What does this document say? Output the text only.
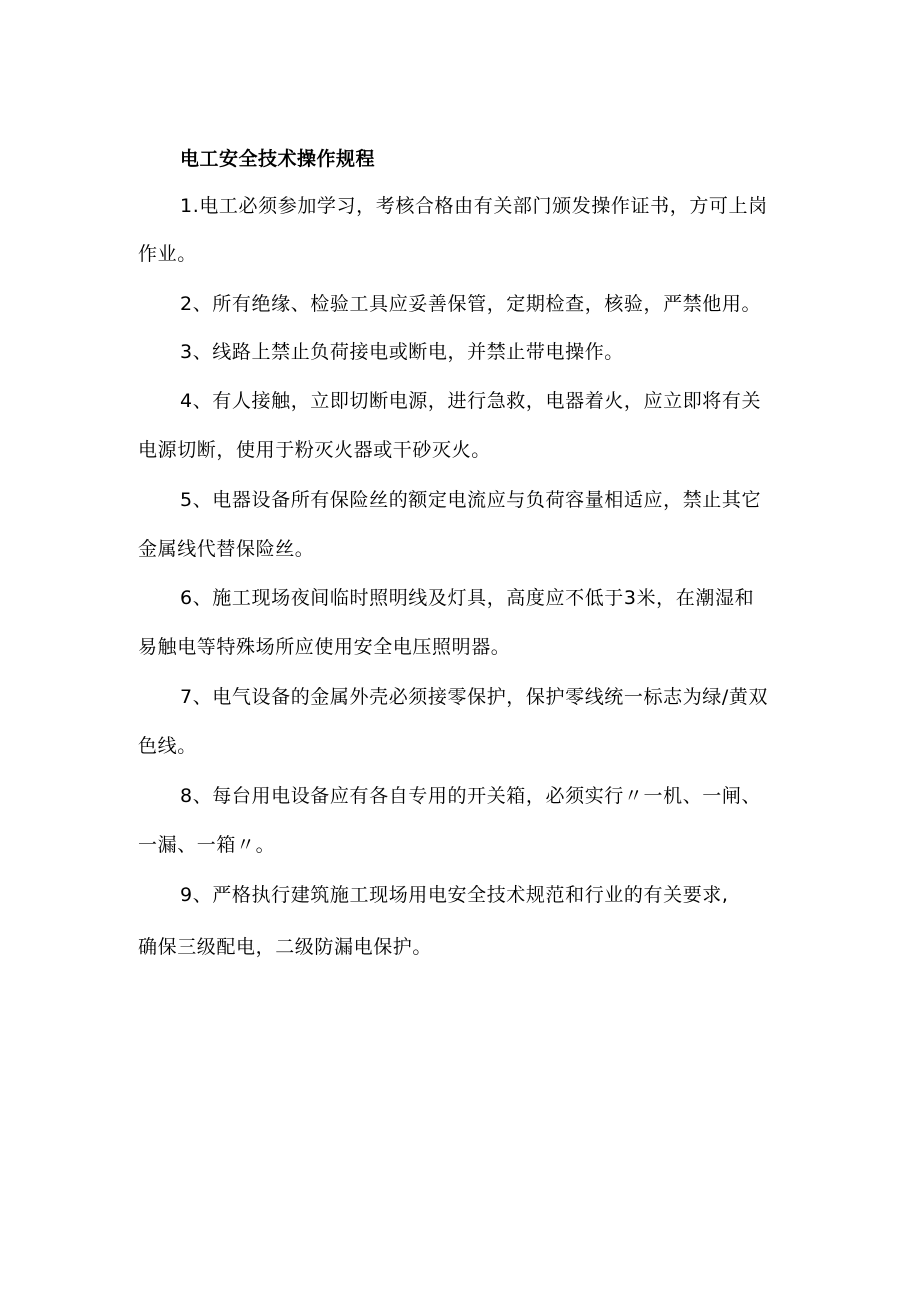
电工安全技术操作规程
1.电工必须参加学习，考核合格由有关部门颁发操作证书，方可上岗
作业。
2、所有绝缘、检验工具应妥善保管，定期检查，核验，严禁他用。
3、线路上禁止负荷接电或断电，并禁止带电操作。
4、有人接触，立即切断电源，进行急救，电器着火，应立即将有关
电源切断，使用于粉灭火器或干砂灭火。
5、电器设备所有保险丝的额定电流应与负荷容量相适应，禁止其它
金属线代替保险丝。
6、施工现场夜间临时照明线及灯具，高度应不低于3米，在潮湿和
易触电等特殊场所应使用安全电压照明器。
7、电气设备的金属外壳必须接零保护，保护零线统一标志为绿/黄双
色线。
8、每台用电设备应有各自专用的开关箱，必须实行〃一机、一闸、
一漏、一箱〃。
9、严格执行建筑施工现场用电安全技术规范和行业的有关要求,
确保三级配电，二级防漏电保护。
